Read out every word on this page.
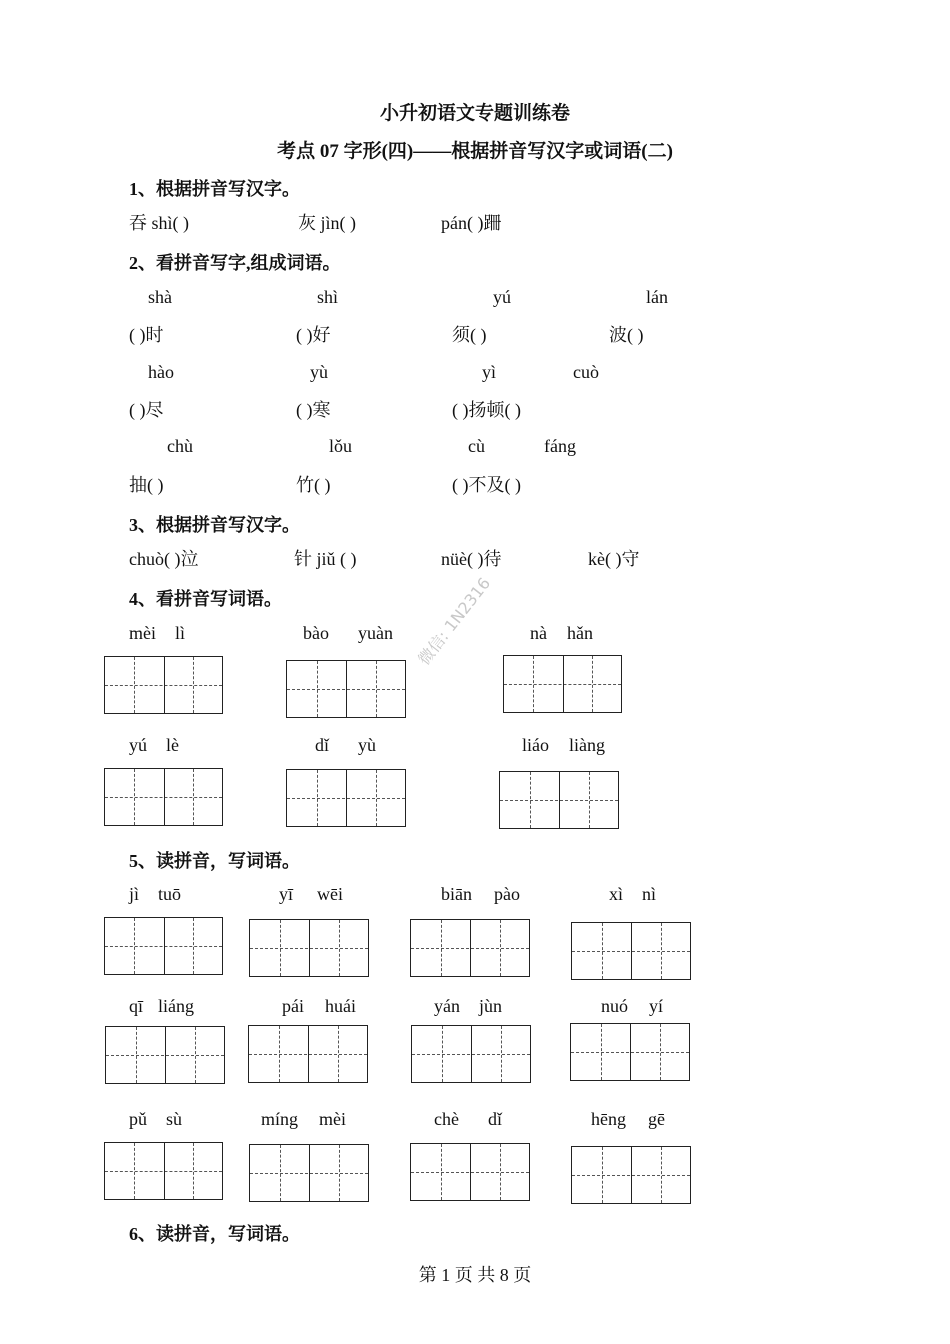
小升初语文专题训练卷
考点 07 字形(四)——根据拼音写汉字或词语(二)
1、根据拼音写汉字。
吞 shì( )	灰 jìn( )	pán( )跚
2、看拼音写字,组成词语。
shà	shì	yú	lán
( )时	( )好	须( )	波( )
hào	yù	yì	cuò
( )尽	( )寒	( )扬顿( )
chù	lǒu	cù	fáng
抽( )	竹( )	( )不及( )
3、根据拼音写汉字。
chuò( )泣	针 jiǔ ( )	nüè( )待	kè( )守
4、看拼音写词语。
mèi lì	bào yuàn	nà hǎn
yú lè	dǐ yù	liáo liàng
5、读拼音，写词语。
jì tuō	yī wēi	biān pào	xì nì
qī liáng	pái huái	yán jùn	nuó yí
pǔ sù	míng mèi	chè dǐ	hēng gē
6、读拼音，写词语。
微信: 1N2316
第 1 页 共 8 页
